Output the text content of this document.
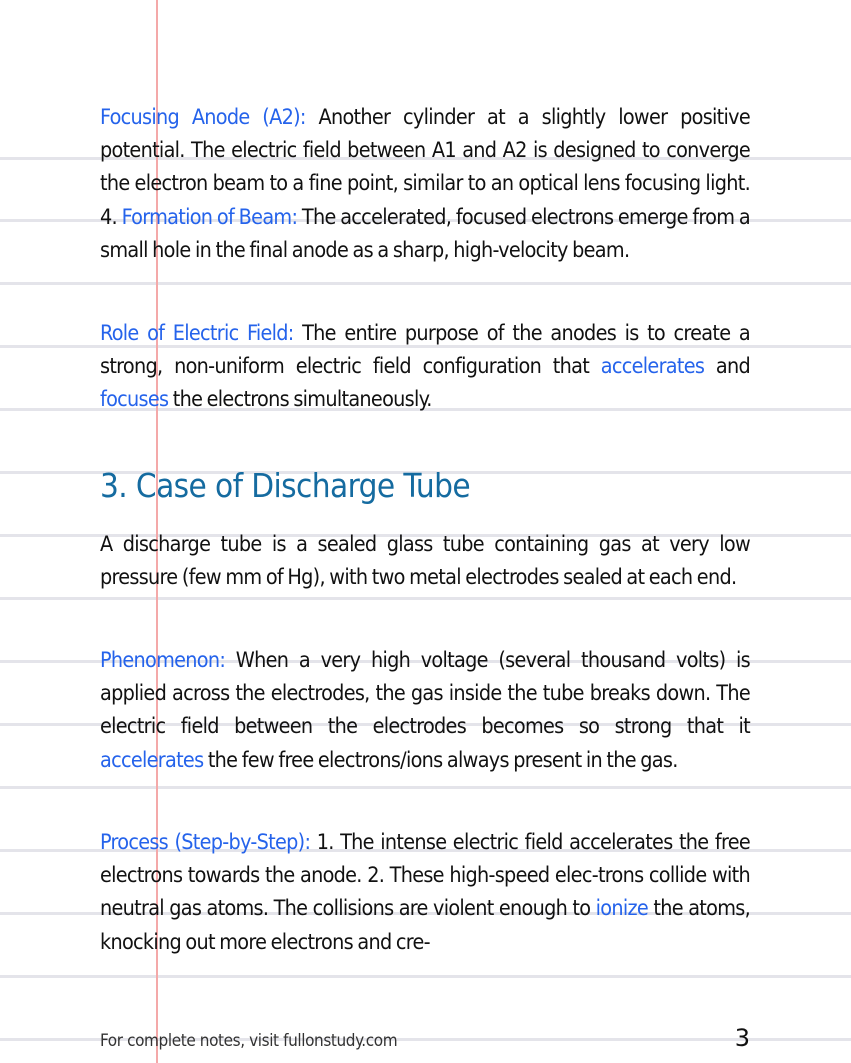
Focusing Anode (A2): Another cylinder at a slightly lower positive potential. The electric field between A1 and A2 is designed to converge the electron beam to a fine point, similar to an optical lens focusing light. 4. Formation of Beam: The accelerated, focused electrons emerge from a small hole in the final anode as a sharp, high-velocity beam.

Role of Electric Field: The entire purpose of the anodes is to create a strong, non-uniform electric field configuration that accelerates and focuses the electrons simultaneously.

3. Case of Discharge Tube

A discharge tube is a sealed glass tube containing gas at very low pressure (few mm of Hg), with two metal electrodes sealed at each end.

Phenomenon: When a very high voltage (several thousand volts) is applied across the electrodes, the gas inside the tube breaks down. The electric field between the electrodes becomes so strong that it accelerates the few free electrons/ions always present in the gas.

Process (Step-by-Step): 1. The intense electric field accelerates the free electrons towards the anode. 2. These high-speed elec-trons collide with neutral gas atoms. The collisions are violent enough to ionize the atoms, knocking out more electrons and cre-

For complete notes, visit fullonstudy.com	3
